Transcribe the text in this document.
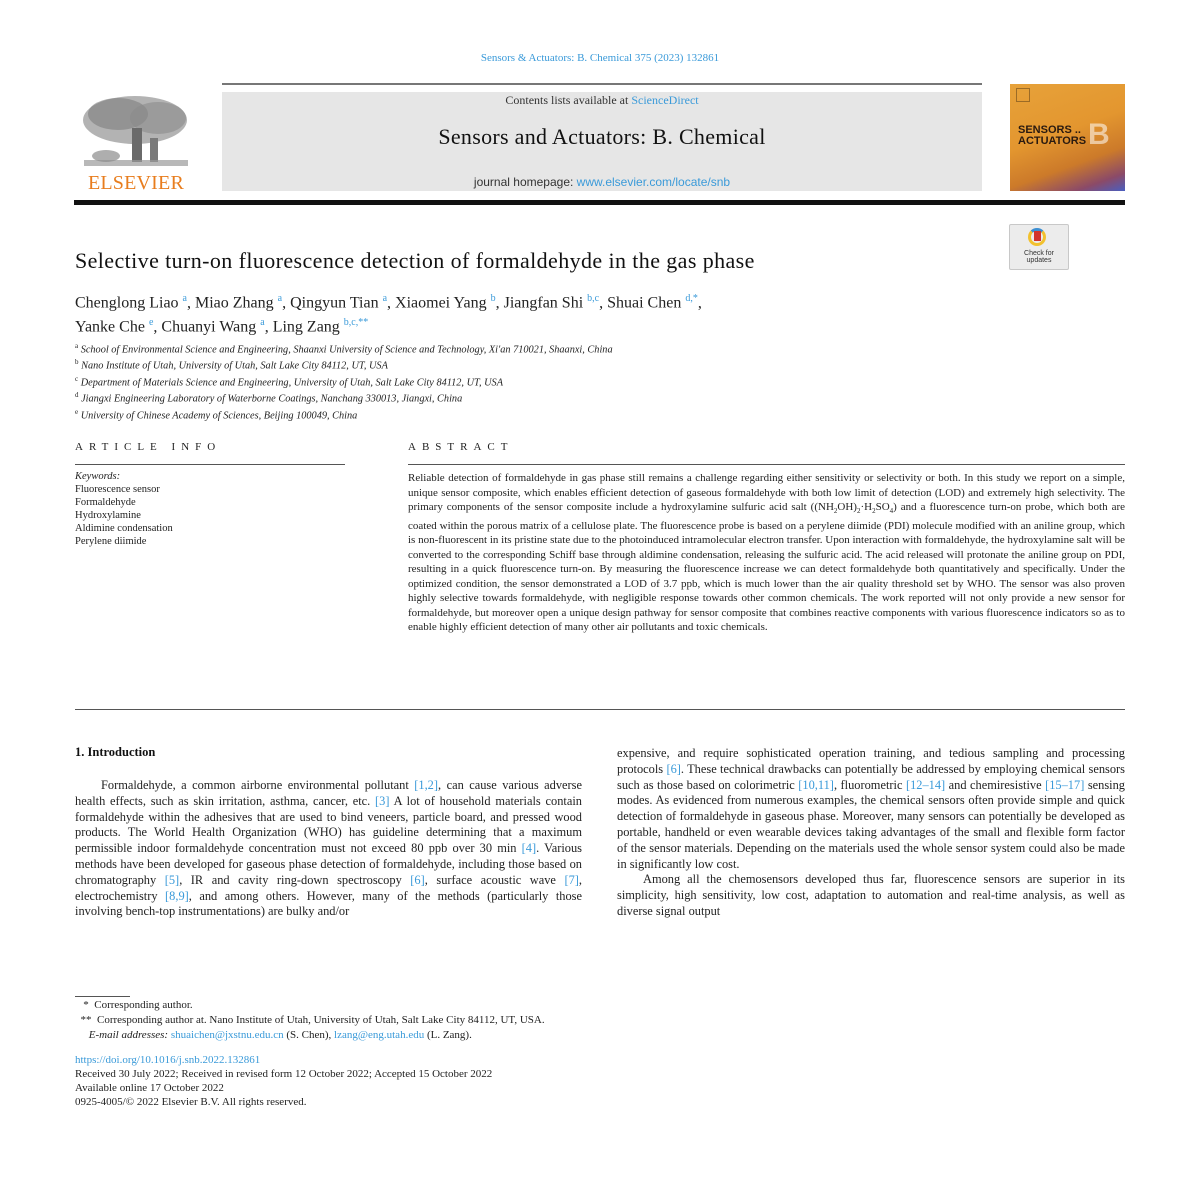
Sensors & Actuators: B. Chemical 375 (2023) 132861
ELSEVIER
Contents lists available at ScienceDirect
Sensors and Actuators: B. Chemical
journal homepage: www.elsevier.com/locate/snb
SENSORS ..
ACTUATORS B
Selective turn-on fluorescence detection of formaldehyde in the gas phase	Check for
updates
Chenglong Liao $^a$, Miao Zhang $^a$, Qingyun Tian $^a$, Xiaomei Yang $^b$, Jiangfan Shi $^{b,c}$, Shuai Chen $^{d,*}$,
Yanke Che $^e$, Chuanyi Wang $^a$, Ling Zang $^{b,c,**}$
$^a$ School of Environmental Science and Engineering, Shaanxi University of Science and Technology, Xi'an 710021, Shaanxi, China
$^b$ Nano Institute of Utah, University of Utah, Salt Lake City 84112, UT, USA
$^c$ Department of Materials Science and Engineering, University of Utah, Salt Lake City 84112, UT, USA
$^d$ Jiangxi Engineering Laboratory of Waterborne Coatings, Nanchang 330013, Jiangxi, China
$^e$ University of Chinese Academy of Sciences, Beijing 100049, China
ARTICLE INFO
Keywords:
Fluorescence sensor
Formaldehyde
Hydroxylamine
Aldimine condensation
Perylene diimide
ABSTRACT
Reliable detection of formaldehyde in gas phase still remains a challenge regarding either sensitivity or selectivity or both. In this study we report on a simple, unique sensor composite, which enables efficient detection of gaseous formaldehyde with both low limit of detection (LOD) and extremely high selectivity. The primary components of the sensor composite include a hydroxylamine sulfuric acid salt $((NH_2OH)_2\cdot H_2SO_4)$ and a fluorescence turn-on probe, which both are coated within the porous matrix of a cellulose plate. The fluorescence probe is based on a perylene diimide (PDI) molecule modified with an aniline group, which is non-fluorescent in its pristine state due to the photoinduced intramolecular electron transfer. Upon interaction with formaldehyde, the hydroxylamine salt will be converted to the corresponding Schiff base through aldimine condensation, releasing the sulfuric acid. The acid released will protonate the aniline group on PDI, resulting in a quick fluorescence turn-on. By measuring the fluorescence increase we can detect formaldehyde both quantitatively and specifically. Under the optimized condition, the sensor demonstrated a LOD of 3.7 ppb, which is much lower than the air quality threshold set by WHO. The sensor was also proven highly selective towards formaldehyde, with negligible response towards other common chemicals. The work reported will not only provide a new sensor for formaldehyde, but moreover open a unique design pathway for sensor composite that combines reactive components with various fluorescence indicators so as to enable highly efficient detection of many other air pollutants and toxic chemicals.
1. Introduction

Formaldehyde, a common airborne environmental pollutant [1,2], can cause various adverse health effects, such as skin irritation, asthma, cancer, etc. [3] A lot of household materials contain formaldehyde within the adhesives that are used to bind veneers, particle board, and pressed wood products. The World Health Organization (WHO) has guideline determining that a maximum permissible indoor formaldehyde concentration must not exceed 80 ppb over 30 min [4]. Various methods have been developed for gaseous phase detection of formaldehyde, including those based on chromatography [5], IR and cavity ring-down spectroscopy [6], surface acoustic wave [7], electrochemistry [8,9], and among others. However, many of the methods (particularly those involving bench-top instrumentations) are bulky and/or

expensive, and require sophisticated operation training, and tedious sampling and processing protocols [6]. These technical drawbacks can potentially be addressed by employing chemical sensors such as those based on colorimetric [10,11], fluorometric [12–14] and chemiresistive [15–17] sensing modes. As evidenced from numerous examples, the chemical sensors often provide simple and quick detection of formaldehyde in gaseous phase. Moreover, many sensors can potentially be developed as portable, handheld or even wearable devices taking advantages of the small and flexible form factor of the sensor materials. Depending on the materials used the whole sensor system could also be made in significantly low cost.

Among all the chemosensors developed thus far, fluorescence sensors are superior in its simplicity, high sensitivity, low cost, adaptation to automation and real-time analysis, as well as diverse signal output

* Corresponding author.
** Corresponding author at. Nano Institute of Utah, University of Utah, Salt Lake City 84112, UT, USA.
E-mail addresses: shuaichen@jxstnu.edu.cn (S. Chen), lzang@eng.utah.edu (L. Zang).
https://doi.org/10.1016/j.snb.2022.132861
Received 30 July 2022; Received in revised form 12 October 2022; Accepted 15 October 2022
Available online 17 October 2022
0925-4005/© 2022 Elsevier B.V. All rights reserved.
